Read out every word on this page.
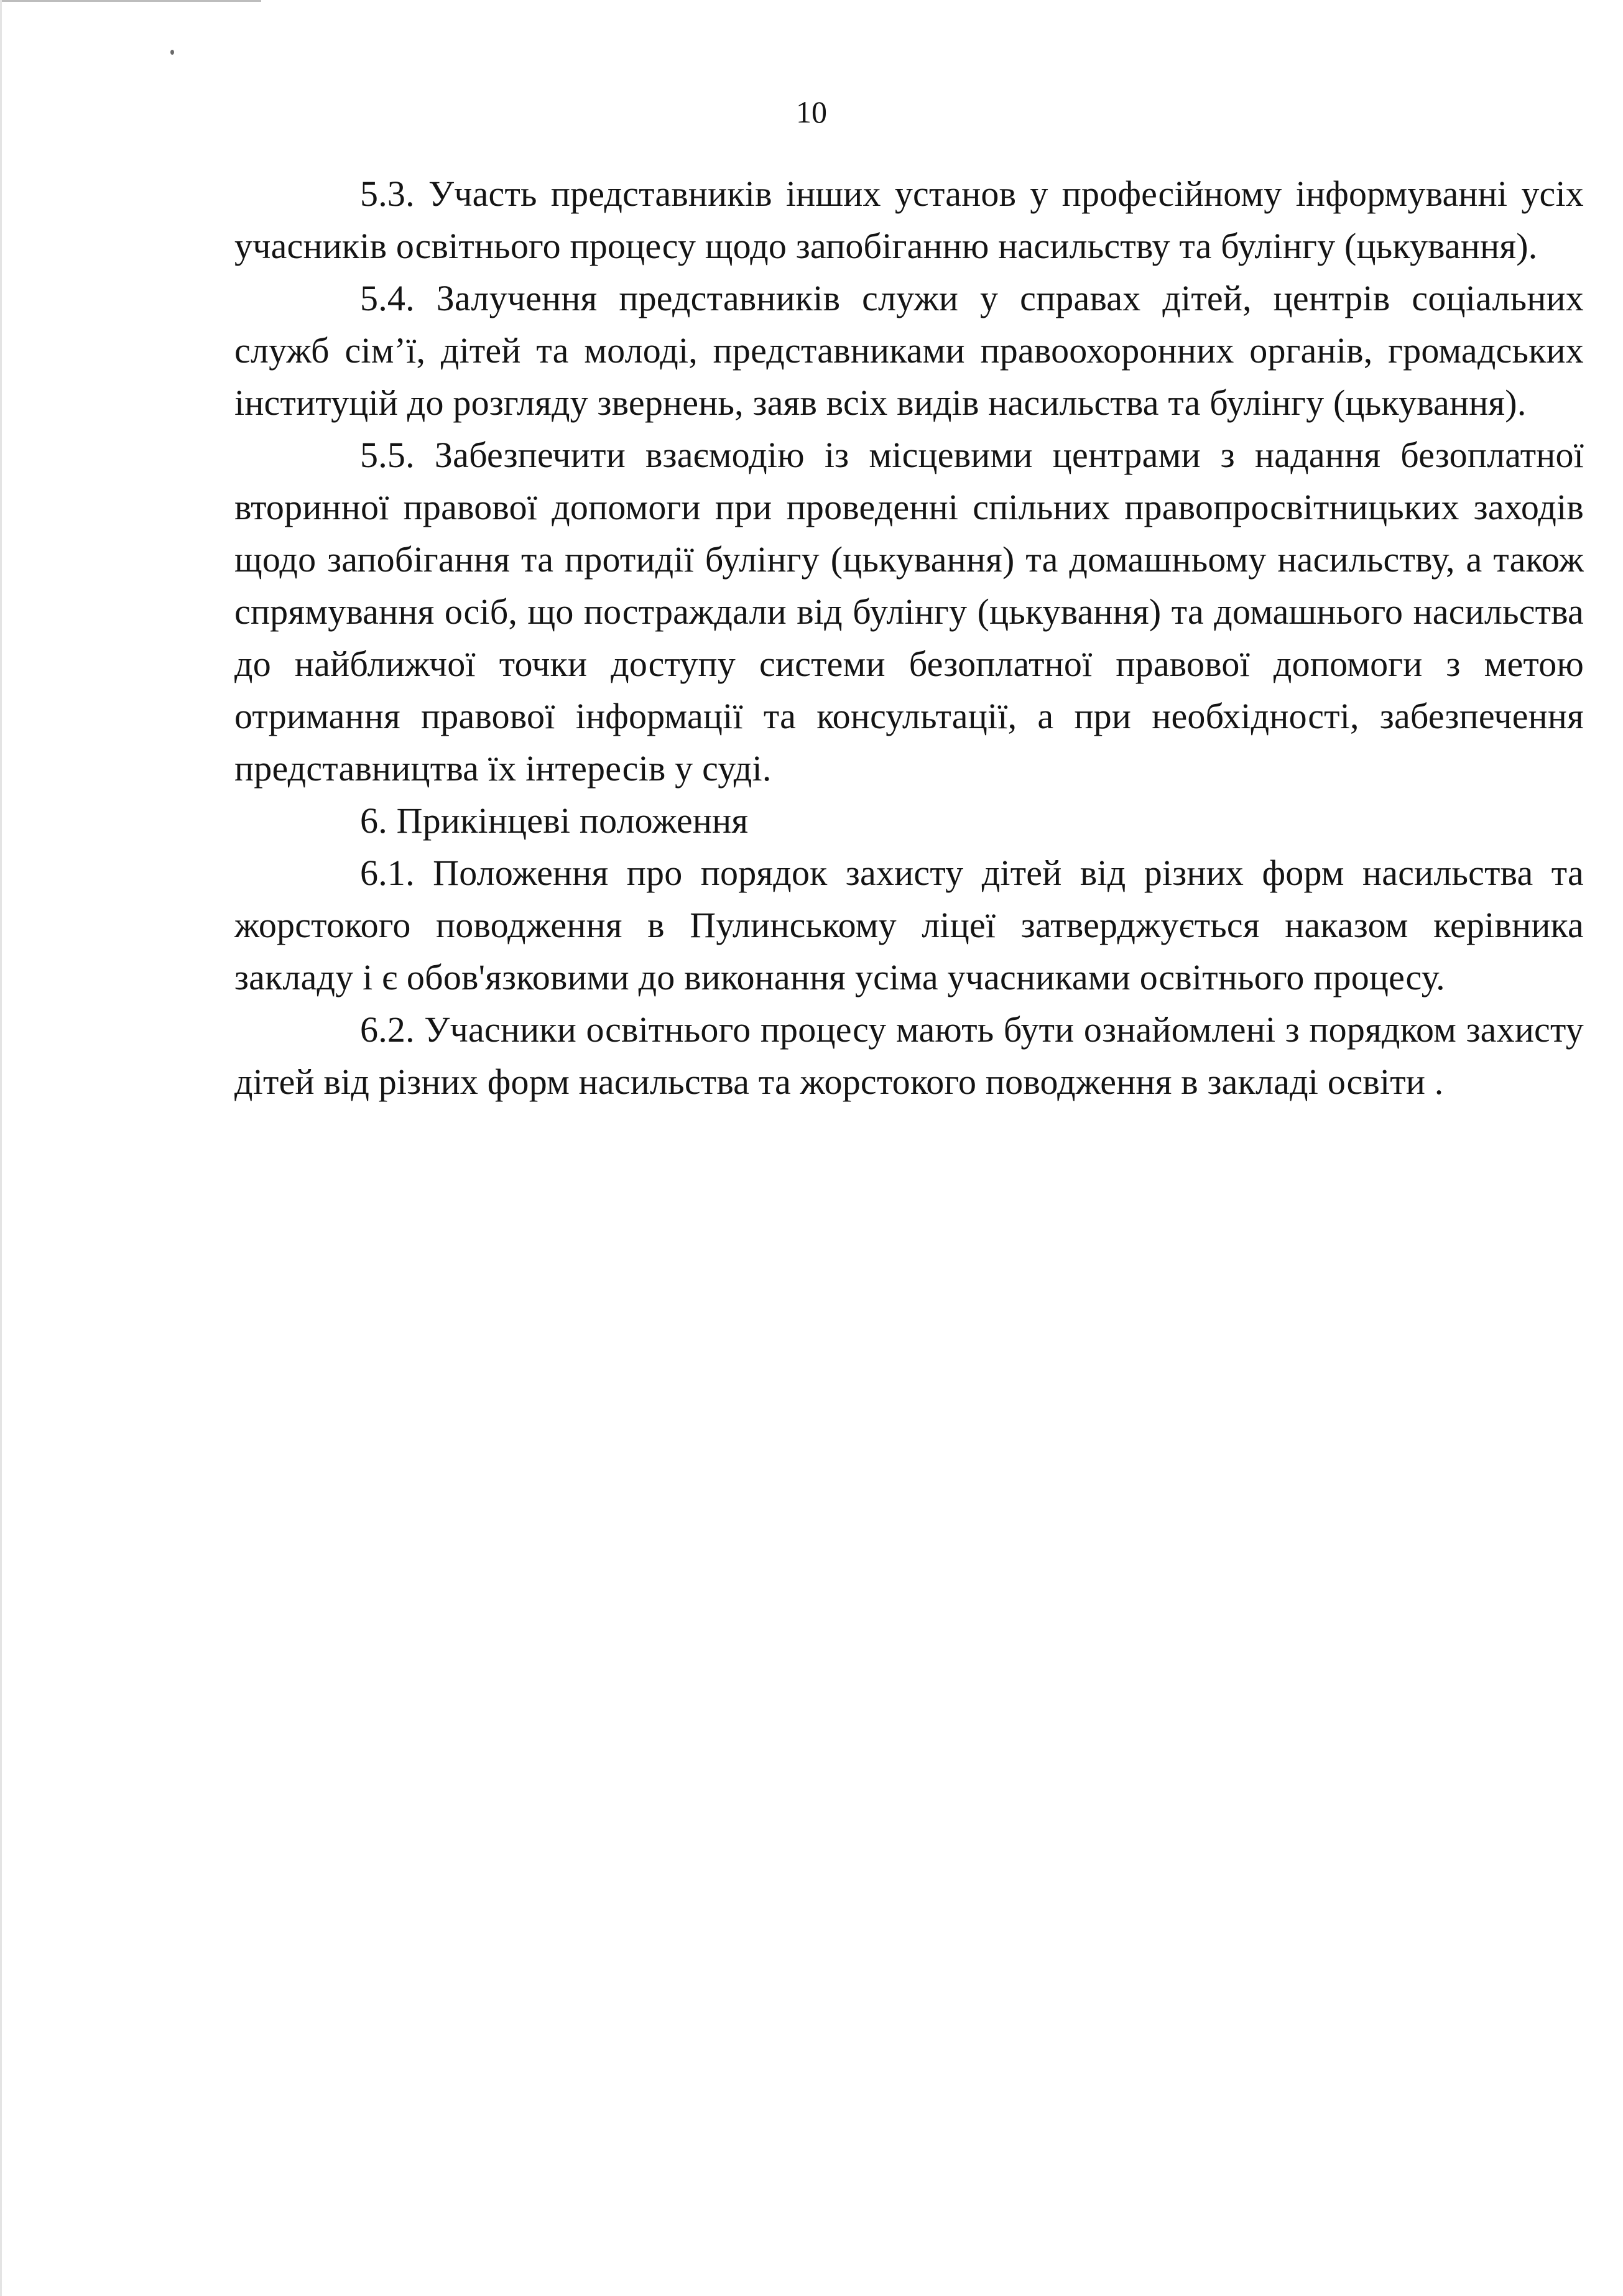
10

5.3. Участь представників інших установ у професійному інформуванні усіх учасників освітнього процесу щодо запобіганню насильству та булінгу (цькування).

5.4. Залучення представників служи у справах дітей, центрів соціальних служб сім’ї, дітей та молоді, представниками правоохоронних органів, громадських інституцій до розгляду звернень, заяв всіх видів насильства та булінгу (цькування).

5.5. Забезпечити взаємодію із місцевими центрами з надання безоплатної вторинної правової допомоги при проведенні спільних правопросвітницьких заходів щодо запобігання та протидії булінгу (цькування) та домашньому насильству, а також спрямування осіб, що постраждали від булінгу (цькування) та домашнього насильства до найближчої точки доступу системи безоплатної правової допомоги з метою отримання правової інформації та консультації, а при необхідності, забезпечення представництва їх інтересів у суді.

6. Прикінцеві положення

6.1. Положення про порядок захисту дітей від різних форм насильства та жорстокого поводження в Пулинському ліцеї затверджується наказом керівника закладу і є обов'язковими до виконання усіма учасниками освітнього процесу.

6.2. Учасники освітнього процесу мають бути ознайомлені з порядком захисту дітей від різних форм насильства та жорстокого поводження в закладі освіти .
